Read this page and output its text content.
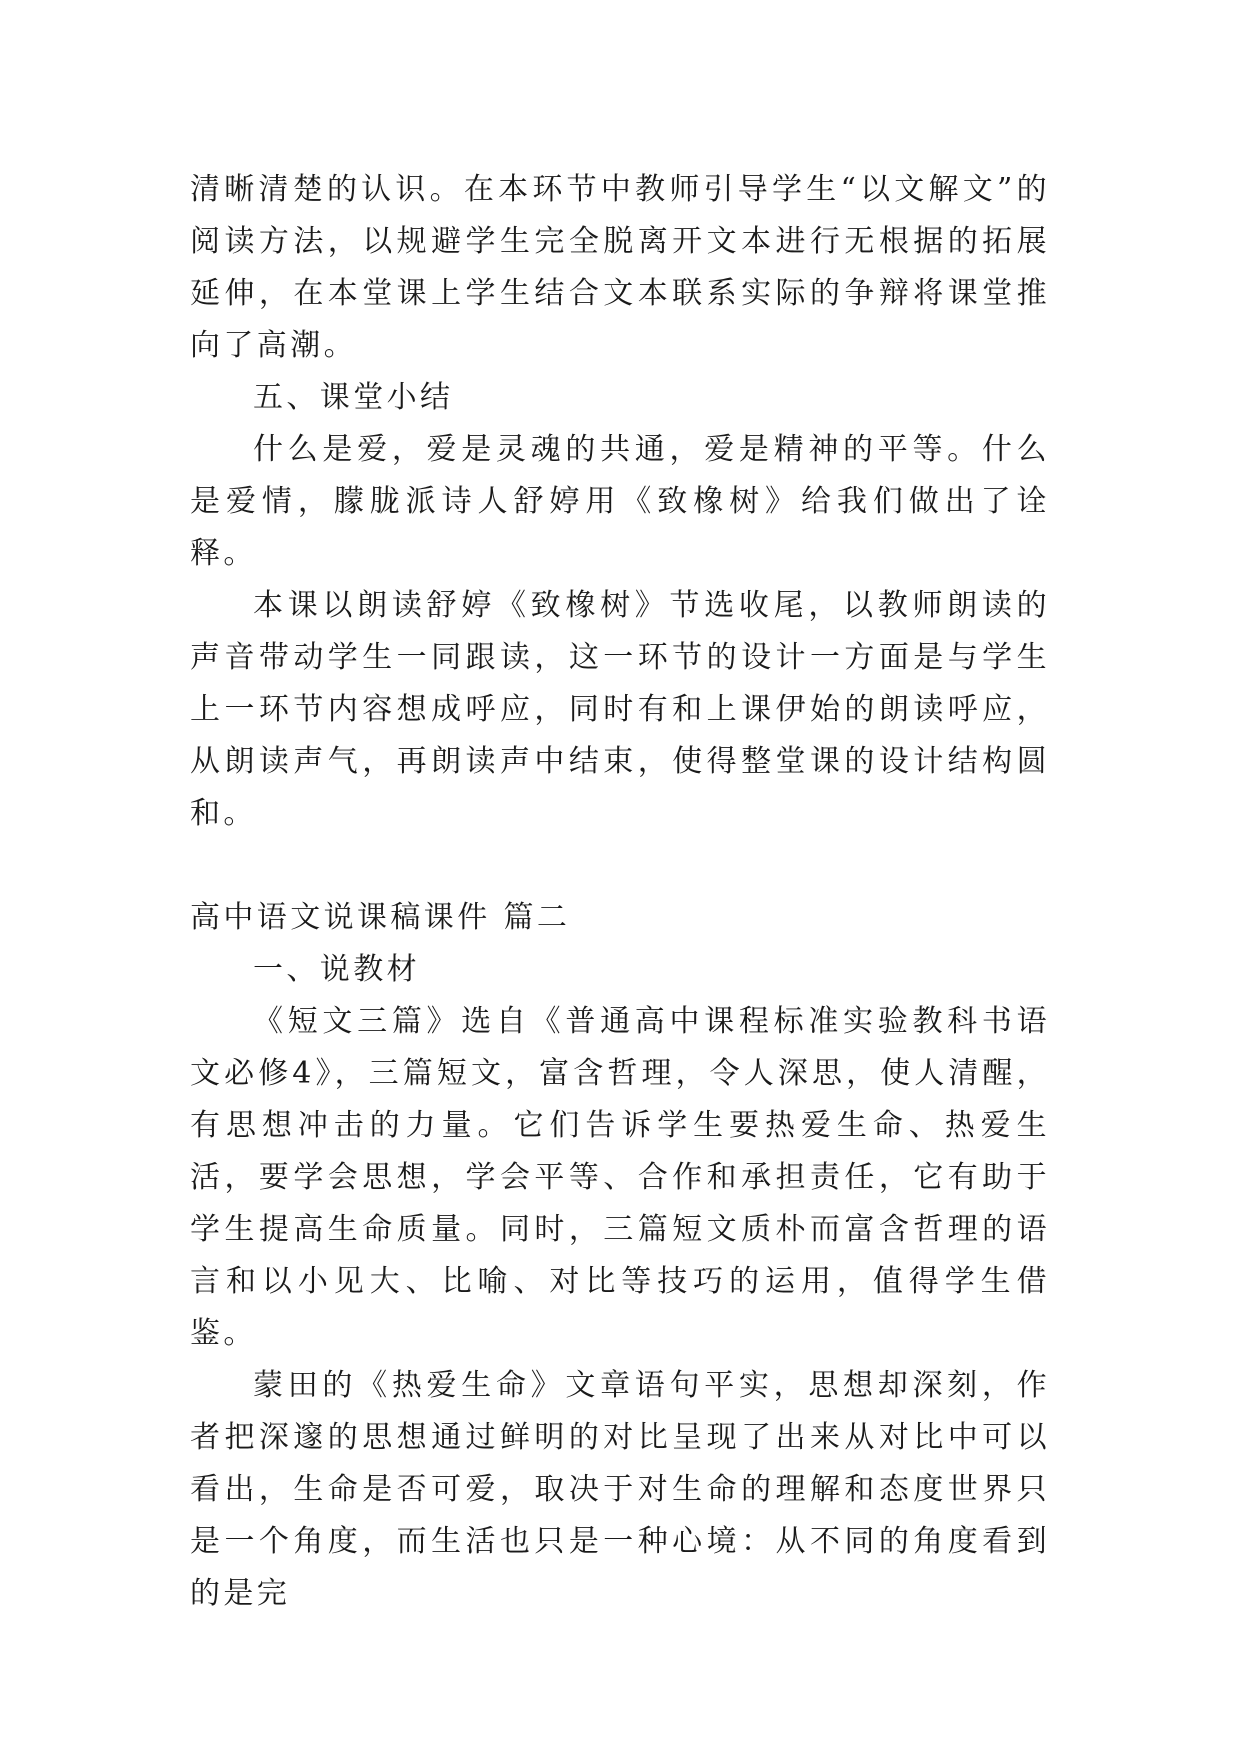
清晰清楚的认识。在本环节中教师引导学生“以文解文”的阅读方法，以规避学生完全脱离开文本进行无根据的拓展延伸，在本堂课上学生结合文本联系实际的争辩将课堂推向了高潮。

五、课堂小结

什么是爱，爱是灵魂的共通，爱是精神的平等。什么是爱情，朦胧派诗人舒婷用《致橡树》给我们做出了诠释。

本课以朗读舒婷《致橡树》节选收尾，以教师朗读的声音带动学生一同跟读，这一环节的设计一方面是与学生上一环节内容想成呼应，同时有和上课伊始的朗读呼应，从朗读声气，再朗读声中结束，使得整堂课的设计结构圆和。

高中语文说课稿课件 篇二

一、说教材

《短文三篇》选自《普通高中课程标准实验教科书语文必修4》，三篇短文，富含哲理，令人深思，使人清醒，有思想冲击的力量。它们告诉学生要热爱生命、热爱生活，要学会思想，学会平等、合作和承担责任，它有助于学生提高生命质量。同时，三篇短文质朴而富含哲理的语言和以小见大、比喻、对比等技巧的运用，值得学生借鉴。

蒙田的《热爱生命》文章语句平实，思想却深刻，作者把深邃的思想通过鲜明的对比呈现了出来从对比中可以看出，生命是否可爱，取决于对生命的理解和态度世界只是一个角度，而生活也只是一种心境：从不同的角度看到的是完
